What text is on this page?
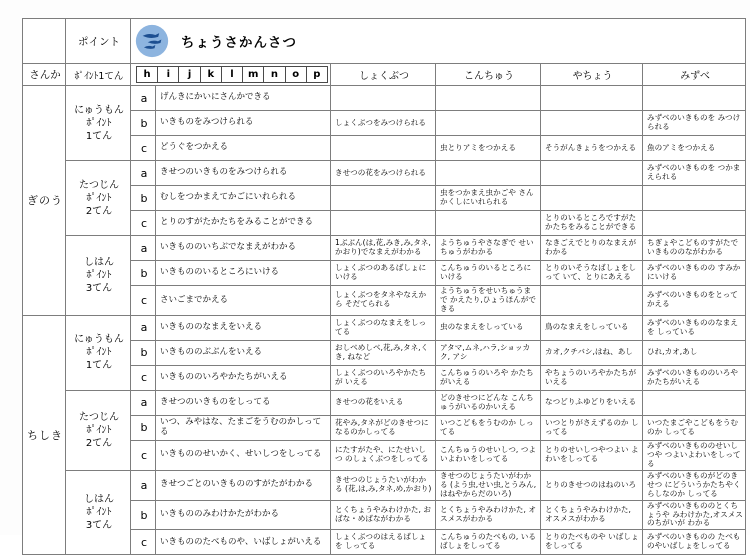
	ポイント	ちょうさかんさつ					

さんか	ﾎﾟｲﾝﾄ1てん	h	i	j	k	l	m	n	o	p	しょくぶつ	こんちゅう	やちょう	みずべ
ぎのう	にゅうもん
ﾎﾟｲﾝﾄ
1てん	a	げんきにかいにさんかできる				
		b	いきものをみつけられる	しょくぶつをみつけられる			みずべのいきものを みつけられる
		c	どうぐをつかえる		虫とりアミをつかえる	そうがんきょうをつかえる	魚のアミをつかえる

	たつじん
ﾎﾟｲﾝﾄ
2てん	a	きせつのいきものをみつけられる	きせつの花をみつけられる			みずべのいきものを つかまえられる
		b	むしをつかまえてかごにいれられる		虫をつかまえ虫かごや さんかくしにいれられる		
		c	とりのすがたかたちをみることができる			とりのいるところですがた かたちをみることができる	

	しはん
ﾎﾟｲﾝﾄ
3てん	a	いきもののいちぶでなまえがわかる	1ぶぶん(は,花,みき,み,タネ,かおり)でなまえがわかる	ようちゅうやさなぎで せいちゅうがわかる	なきごえでとりのなまえが わかる	ちぎょやこどものすがたで いきもののながわかる
		b	いきもののいるところにいける	しょくぶつのあるばしょに いける	こんちゅうのいるところに いける	とりのいそうなばしょをしって いて、とりにあえる	みずべのいきものの すみかにいける
		c	さいごまでかえる	しょくぶつをタネやなえから そだてられる	ようちゅうをせいちゅうまで かえたり,ひょうほんができる		みずべのいきものをとって かえる
ちしき	にゅうもん
ﾎﾟｲﾝﾄ
1てん	a	いきもののなまえをいえる	しょくぶつのなまえをしってる	虫のなまえをしっている	鳥のなまえをしっている	みずべのいきもののなまえを しっている
		b	いきもののぶぶんをいえる	おしべめしべ,花,み,タネ,くき, ねなど	アタマ,ムネ,ハラ,ショッカク, アシ	カオ,クチバシ,はね、あし	ひれ,カオ,あし
		c	いきもののいろやかたちがいえる	しょくぶつのいろやかたちが いえる	こんちゅうのいろや かたちがいえる	やちょうのいろやかたちが いえる	みずべのいきもののいろや かたちがいえる

	たつじん
ﾎﾟｲﾝﾄ
2てん	a	きせつのいきものをしってる	きせつの花をいえる	どのきせつにどんな こんちゅうがいるのかいえる	なつどりふゆどりをいえる	
		b	いつ、みやはな、たまごをうむのかしってる	花やみ,タネがどのきせつに なるのかしってる	いつこどもをうむのか しってる	いつとりがさえずるのか しってる	いつたまごやこどもをうむのか しってる
		c	いきもののせいかく、せいしつをしってる	にたすがたや、にたせいしつ のしょくぶつをしってる	こんちゅうのせいしつ, つよいよわいをしってる	とりのせいしつやつよい よわいをしってる	みずべのいきもののせいしつや つよいよわいをしってる

	しはん
ﾎﾟｲﾝﾄ
3てん	a	きせつごとのいきもののすがたがわかる	きせつのじょうたいがわかる (花,は,み,タネ,め,かおり)	きせつのじょうたいがわかる (よう虫,せい虫,とうみん, はねやからだのいろ)	とりのきせつのはねのいろ	みずべのいきものがどのきせつ にどういうかたちやくらしなのか しってる
		b	いきもののみわけかたがわかる	とくちょうやみわけかた, おばな・めばながわかる	とくちょうやみわけかた, オスメスがわかる	とくちょうやみわけかた, オスメスがわかる	みずべのいきもののとくちょうや みわけかた,オスメスのちがいが わかる
		c	いきもののたべものや、いばしょがいえる	しょくぶつのはえるばしょを しってる	こんちゅうのたべもの, いるばしょをしってる	とりのたべものや いばしょをしってる	みずべのいきものの たべものやいばしょをしってる
